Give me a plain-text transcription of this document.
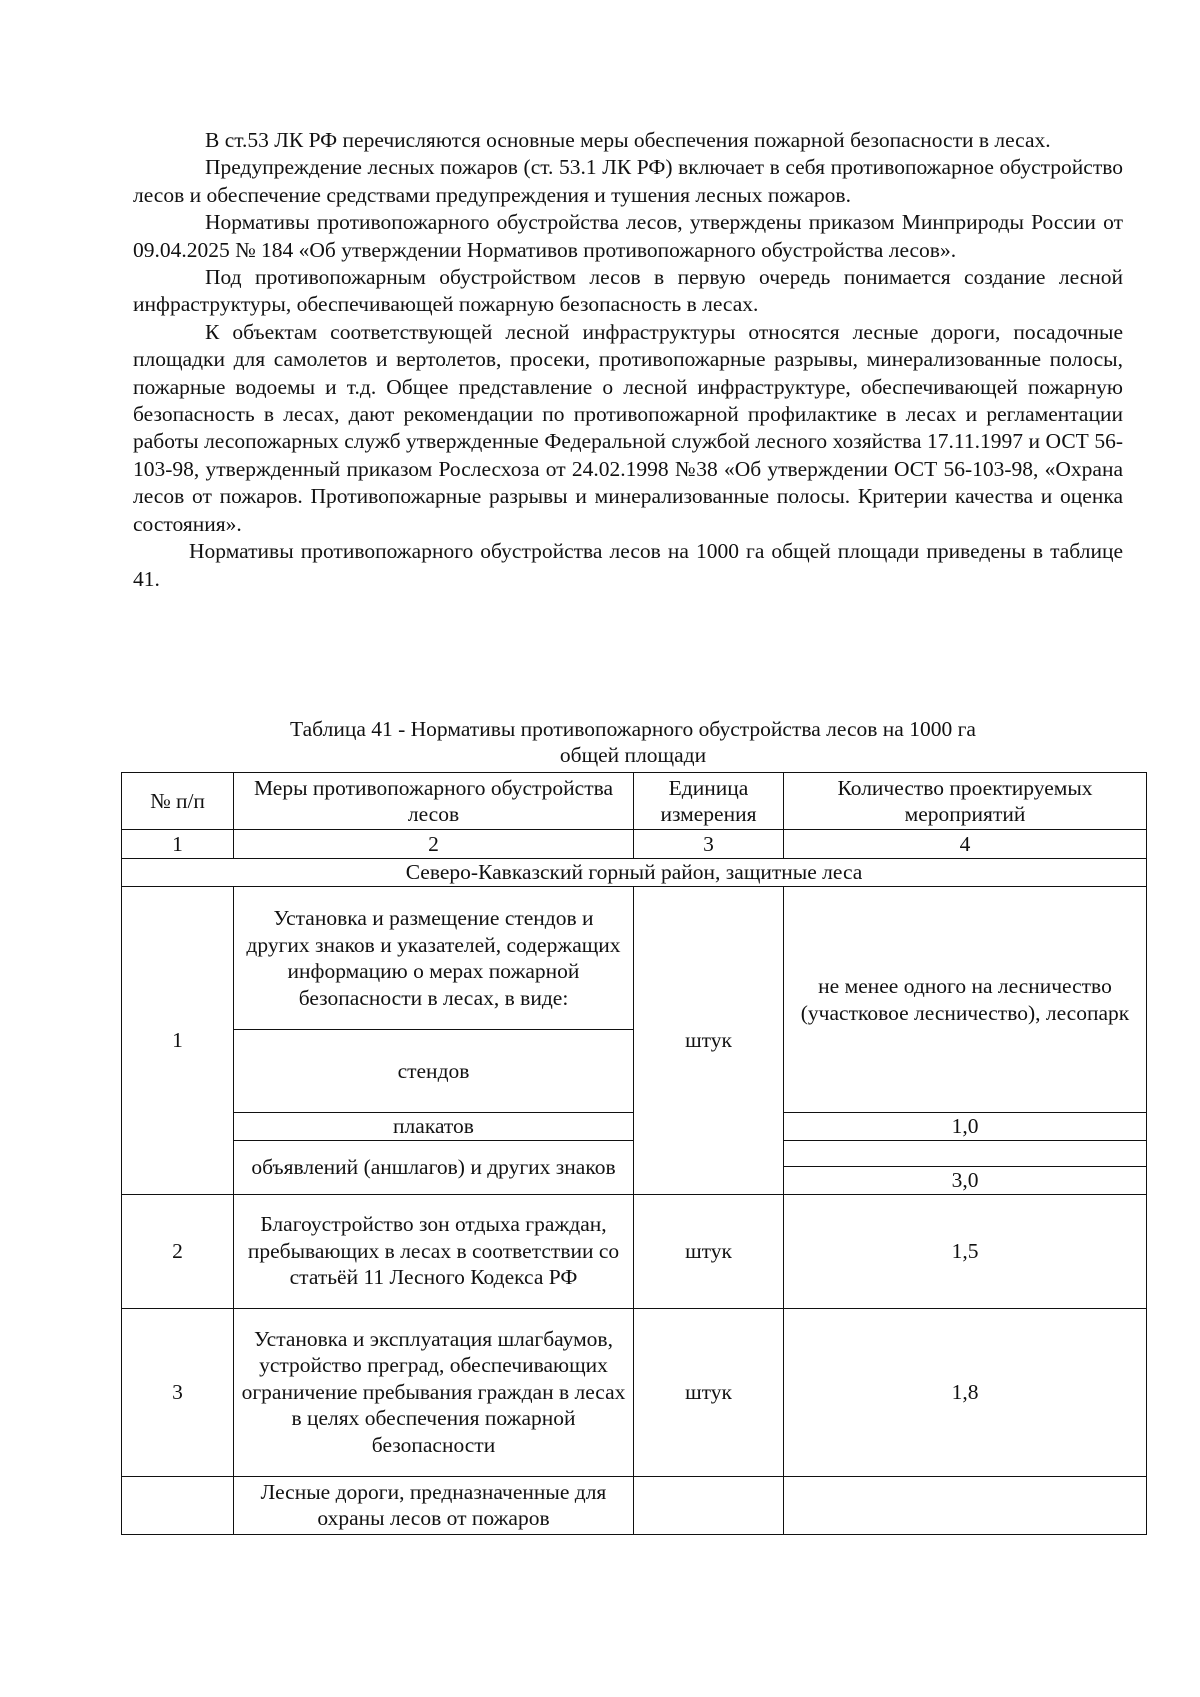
В ст.53 ЛК РФ перечисляются основные меры обеспечения пожарной безопасности в лесах.

Предупреждение лесных пожаров (ст. 53.1 ЛК РФ) включает в себя противопожарное обустройство лесов и обеспечение средствами предупреждения и тушения лесных пожаров.

Нормативы противопожарного обустройства лесов, утверждены приказом Минприроды России от 09.04.2025 № 184 «Об утверждении Нормативов противопожарного обустройства лесов».

Под противопожарным обустройством лесов в первую очередь понимается создание лесной инфраструктуры, обеспечивающей пожарную безопасность в лесах.

К объектам соответствующей лесной инфраструктуры относятся лесные дороги, посадочные площадки для самолетов и вертолетов, просеки, противопожарные разрывы, минерализованные полосы, пожарные водоемы и т.д. Общее представление о лесной инфраструктуре, обеспечивающей пожарную безопасность в лесах, дают рекомендации по противопожарной профилактике в лесах и регламентации работы лесопожарных служб утвержденные Федеральной службой лесного хозяйства 17.11.1997 и ОСТ 56-103-98, утвержденный приказом Рослесхоза от 24.02.1998 №38 «Об утверждении ОСТ 56-103-98, «Охрана лесов от пожаров. Противопожарные разрывы и минерализованные полосы. Критерии качества и оценка состояния».

Нормативы противопожарного обустройства лесов на 1000 га общей площади приведены в таблице 41.

Таблица 41 - Нормативы противопожарного обустройства лесов на 1000 га
общей площади
№ п/п	Меры противопожарного обустройства лесов	Единица измерения	Количество проектируемых мероприятий
1	2	3	4
Северо-Кавказский горный район, защитные леса			
1	Установка и размещение стендов и других знаков и указателей, содержащих информацию о мерах пожарной безопасности в лесах, в виде:	штук	не менее одного на лесничество (участковое лесничество), лесопарк
	стендов		
	плакатов		1,0
	объявлений (аншлагов) и других знаков		
			3,0
2	Благоустройство зон отдыха граждан, пребывающих в лесах в соответствии со статьёй 11 Лесного Кодекса РФ	штук	1,5
3	Установка и эксплуатация шлагбаумов, устройство преград, обеспечивающих ограничение пребывания граждан в лесах в целях обеспечения пожарной безопасности	штук	1,8
	Лесные дороги, предназначенные для охраны лесов от пожаров		
